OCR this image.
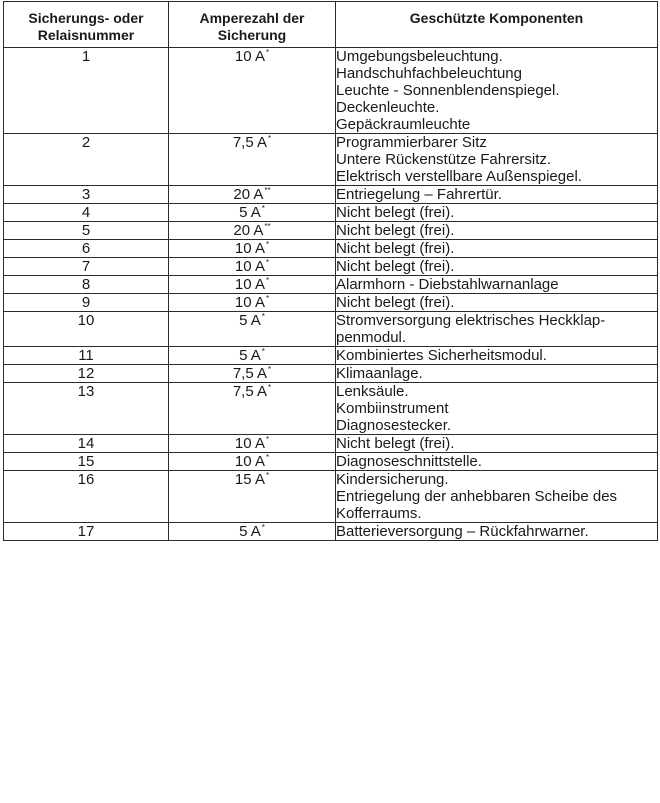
Sicherungs- oder Relaisnummer	Amperezahl der Sicherung	Geschützte Komponenten
1	10 A*	Umgebungsbeleuchtung.
Handschuhfachbeleuchtung
Leuchte - Sonnenblendenspiegel.
Deckenleuchte.
Gepäckraumleuchte

2	7,5 A*	Programmierbarer Sitz
Untere Rückenstütze Fahrersitz.
Elektrisch verstellbare Außenspiegel.

3	20 A**	Entriegelung – Fahrertür.

4	5 A*	Nicht belegt (frei).

5	20 A**	Nicht belegt (frei).

6	10 A*	Nicht belegt (frei).

7	10 A*	Nicht belegt (frei).

8	10 A*	Alarmhorn - Diebstahlwarnanlage

9	10 A*	Nicht belegt (frei).

10	5 A*	Stromversorgung elektrisches Heckklap-
penmodul.

11	5 A*	Kombiniertes Sicherheitsmodul.

12	7,5 A*	Klimaanlage.

13	7,5 A*	Lenksäule.
Kombiinstrument
Diagnosestecker.

14	10 A*	Nicht belegt (frei).

15	10 A*	Diagnoseschnittstelle.

16	15 A*	Kindersicherung.
Entriegelung der anhebbaren Scheibe des
Kofferraums.

17	5 A*	Batterieversorgung – Rückfahrwarner.
